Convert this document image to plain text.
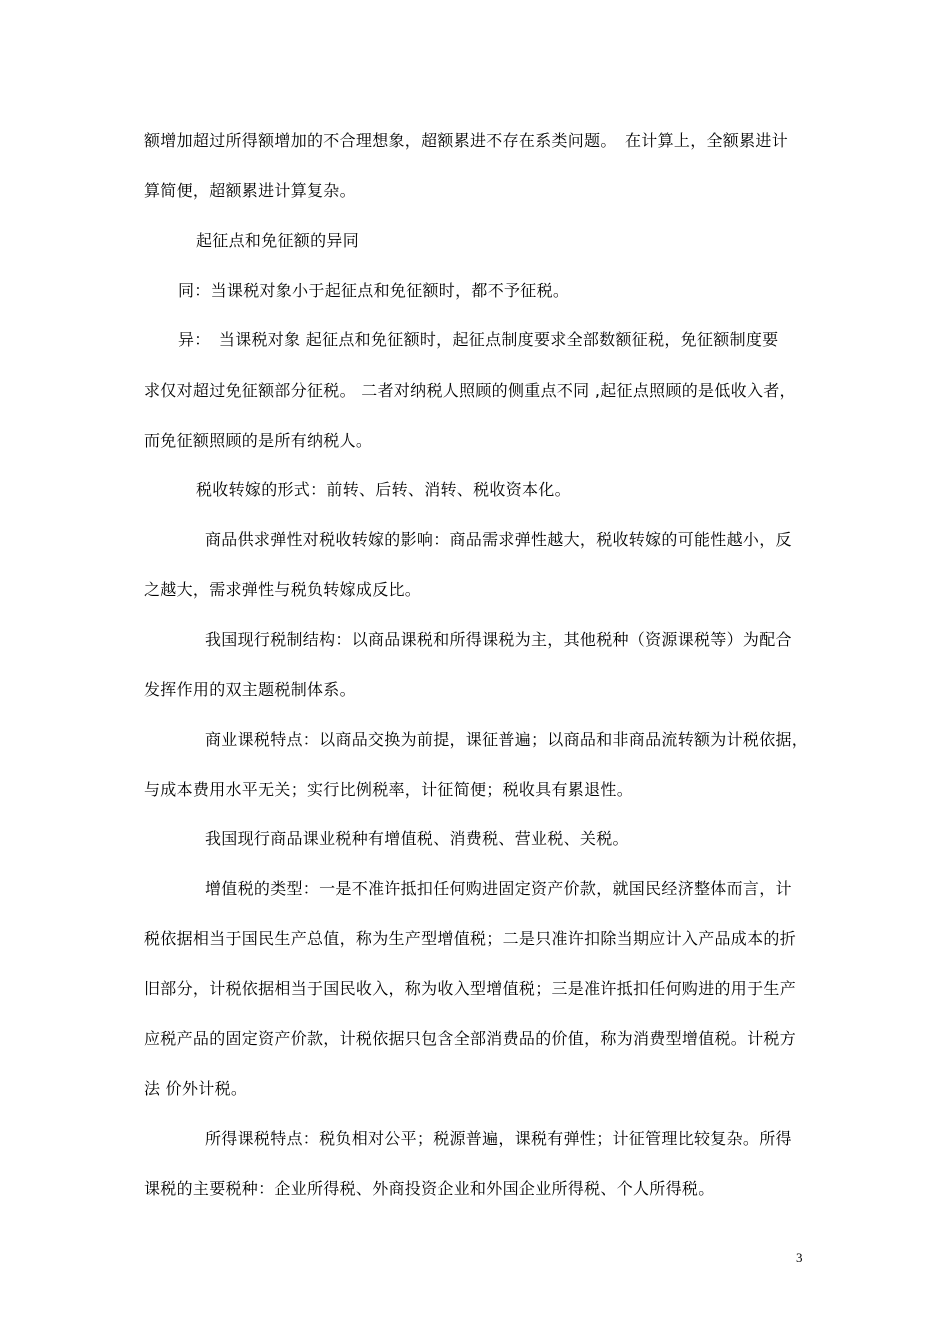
额增加超过所得额增加的不合理想象，超额累进不存在系类问题。　在计算上，全额累进计
算简便，超额累进计算复杂。
起征点和免征额的异同
同：当课税对象小于起征点和免征额时，都不予征税。
异：　当课税对象 起征点和免征额时，起征点制度要求全部数额征税，免征额制度要
求仅对超过免征额部分征税。 二者对纳税人照顾的侧重点不同 ,起征点照顾的是低收入者，
而免征额照顾的是所有纳税人。
税收转嫁的形式：前转、后转、消转、税收资本化。
商品供求弹性对税收转嫁的影响：商品需求弹性越大，税收转嫁的可能性越小，反
之越大，需求弹性与税负转嫁成反比。
我国现行税制结构：以商品课税和所得课税为主，其他税种（资源课税等）为配合
发挥作用的双主题税制体系。
商业课税特点：以商品交换为前提，课征普遍；以商品和非商品流转额为计税依据，
与成本费用水平无关；实行比例税率，计征简便；税收具有累退性。
我国现行商品课业税种有增值税、消费税、营业税、关税。
增值税的类型：一是不准许抵扣任何购进固定资产价款，就国民经济整体而言，计
税依据相当于国民生产总值，称为生产型增值税；二是只准许扣除当期应计入产品成本的折
旧部分，计税依据相当于国民收入，称为收入型增值税；三是准许抵扣任何购进的用于生产
应税产品的固定资产价款，计税依据只包含全部消费品的价值，称为消费型增值税。计税方
法 价外计税。
所得课税特点：税负相对公平；税源普遍，课税有弹性；计征管理比较复杂。所得
课税的主要税种：企业所得税、外商投资企业和外国企业所得税、个人所得税。
3
